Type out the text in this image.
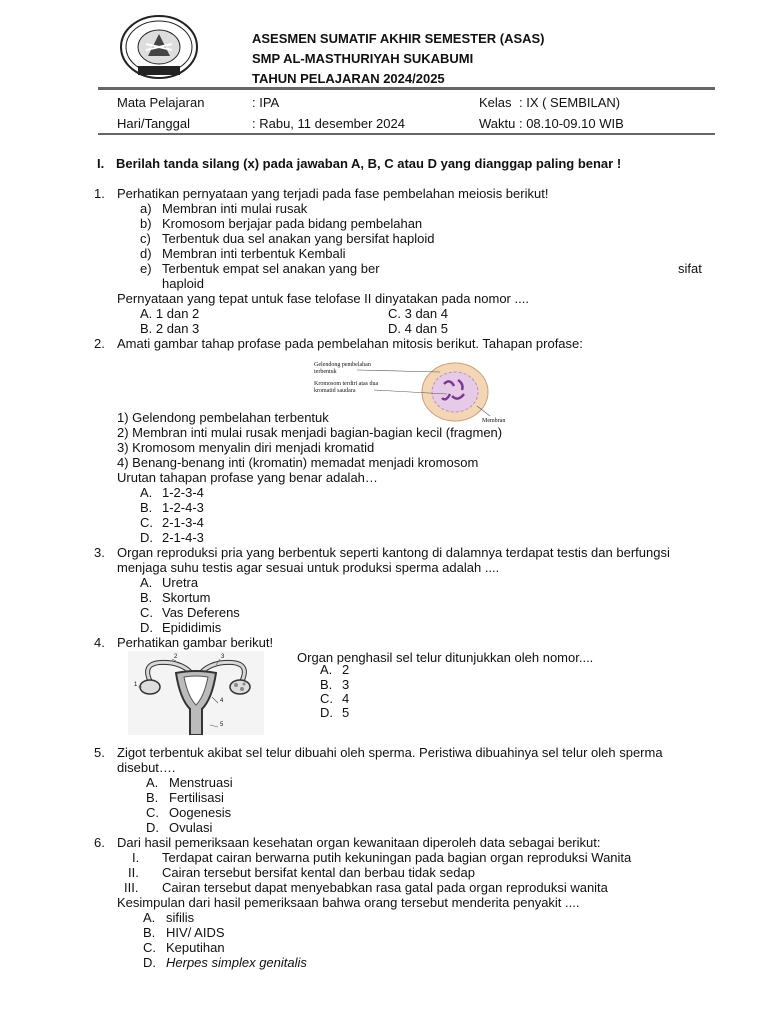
ASESMEN SUMATIF AKHIR SEMESTER (ASAS)
SMP AL-MASTHURIYAH SUKABUMI
TAHUN PELAJARAN 2024/2025
Mata Pelajaran	: IPA	Kelas : IX ( SEMBILAN)
Hari/Tanggal	: Rabu, 11 desember 2024	Waktu : 08.10-09.10 WIB
I. Berilah tanda silang (x) pada jawaban A, B, C atau D yang dianggap paling benar !
1. Perhatikan pernyataan yang terjadi pada fase pembelahan meiosis berikut!
a) Membran inti mulai rusak
b) Kromosom berjajar pada bidang pembelahan
c) Terbentuk dua sel anakan yang bersifat haploid
d) Membran inti terbentuk Kembali
e) Terbentuk empat sel anakan yang ber	sifat
haploid
Pernyataan yang tepat untuk fase telofase II dinyatakan pada nomor ....
A. 1 dan 2	C. 3 dan 4
B. 2 dan 3	D. 4 dan 5
2. Amati gambar tahap profase pada pembelahan mitosis berikut. Tahapan profase:
Gelendong pembelahan
terbentuk
Kromosom terdiri atas dua
kromatid saudara
Membran
1) Gelendong pembelahan terbentuk
2) Membran inti mulai rusak menjadi bagian-bagian kecil (fragmen)
3) Kromosom menyalin diri menjadi kromatid
4) Benang-benang inti (kromatin) memadat menjadi kromosom
Urutan tahapan profase yang benar adalah…
A. 1-2-3-4
B. 1-2-4-3
C. 2-1-3-4
D. 2-1-4-3
3. Organ reproduksi pria yang berbentuk seperti kantong di dalamnya terdapat testis dan berfungsi
menjaga suhu testis agar sesuai untuk produksi sperma adalah ....
A. Uretra
B. Skortum
C. Vas Deferens
D. Epididimis
4. Perhatikan gambar berikut!
1
2	3
4
5
Organ penghasil sel telur ditunjukkan oleh nomor....
A. 2
B. 3
C. 4
D. 5
5. Zigot terbentuk akibat sel telur dibuahi oleh sperma. Peristiwa dibuahinya sel telur oleh sperma
disebut….
A. Menstruasi
B. Fertilisasi
C. Oogenesis
D. Ovulasi
6. Dari hasil pemeriksaan kesehatan organ kewanitaan diperoleh data sebagai berikut:
I. Terdapat cairan berwarna putih kekuningan pada bagian organ reproduksi Wanita
II. Cairan tersebut bersifat kental dan berbau tidak sedap
III. Cairan tersebut dapat menyebabkan rasa gatal pada organ reproduksi wanita
Kesimpulan dari hasil pemeriksaan bahwa orang tersebut menderita penyakit ....
A. sifilis
B. HIV/ AIDS
C. Keputihan
D. Herpes simplex genitalis
